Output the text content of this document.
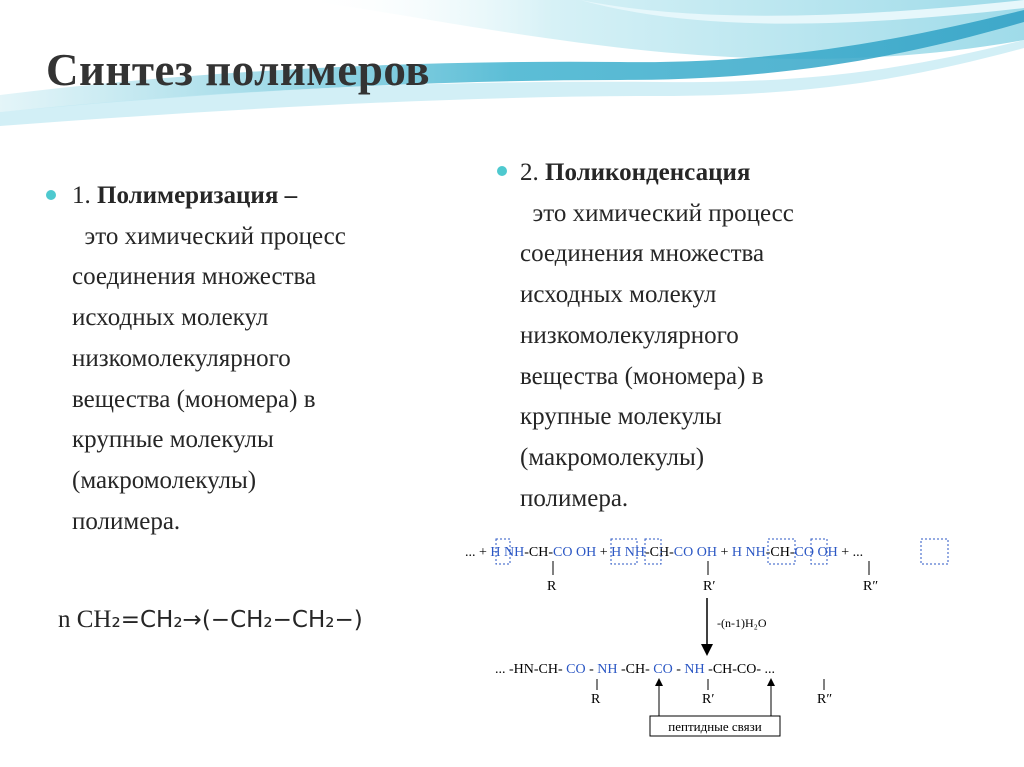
Синтез полимеров
1. Полимеризация –
это химический процесс
соединения множества
исходных молекул
низкомолекулярного
вещества (мономера) в
крупные молекулы
(макромолекулы)
полимера.
n CH₂=CH₂→(−CH₂−CH₂−)
2. Поликонденсация
это химический процесс
соединения множества
исходных молекул
низкомолекулярного
вещества (мономера) в
крупные молекулы
(макромолекулы)
полимера.
... + H NH-CH-CO OH + H NH-CH-CO OH + H NH-CH-CO OH + ...
R	R′	R″
-(n-1)H₂O
... -HN-CH- CO - NH -CH- CO - NH -CH-CO- ...
R	R′	R″
пептидные связи
